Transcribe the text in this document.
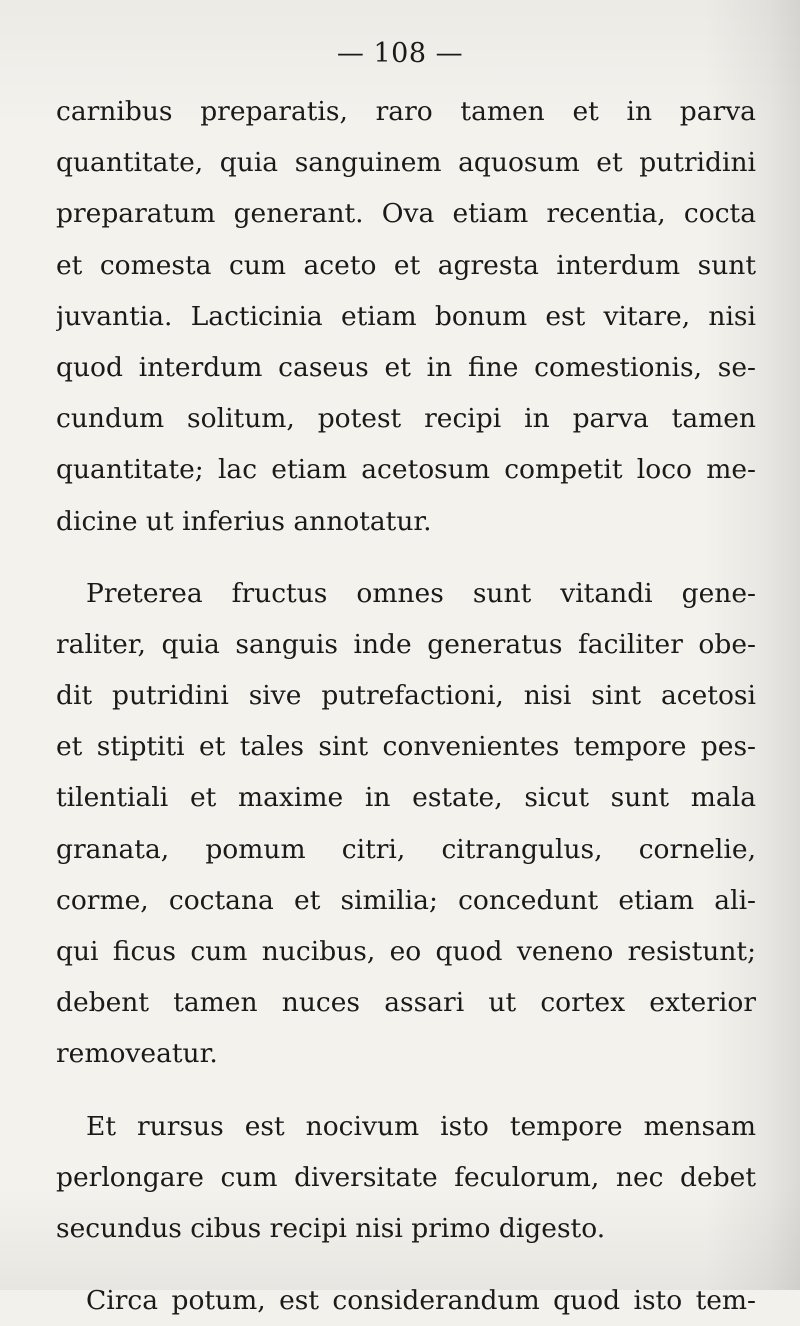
— 108 —
carnibus preparatis, raro tamen et in parva
quantitate, quia sanguinem aquosum et putridini
preparatum generant. Ova etiam recentia, cocta
et comesta cum aceto et agresta interdum sunt
juvantia. Lacticinia etiam bonum est vitare, nisi
quod interdum caseus et in fine comestionis, se-
cundum solitum, potest recipi in parva tamen
quantitate; lac etiam acetosum competit loco me-
dicine ut inferius annotatur.
Preterea fructus omnes sunt vitandi gene-
raliter, quia sanguis inde generatus faciliter obe-
dit putridini sive putrefactioni, nisi sint acetosi
et stiptiti et tales sint convenientes tempore pes-
tilentiali et maxime in estate, sicut sunt mala
granata, pomum citri, citrangulus, cornelie,
corme, coctana et similia; concedunt etiam ali-
qui ficus cum nucibus, eo quod veneno resistunt;
debent tamen nuces assari ut cortex exterior
removeatur.
Et rursus est nocivum isto tempore mensam
perlongare cum diversitate feculorum, nec debet
secundus cibus recipi nisi primo digesto.
Circa potum, est considerandum quod isto tem-
